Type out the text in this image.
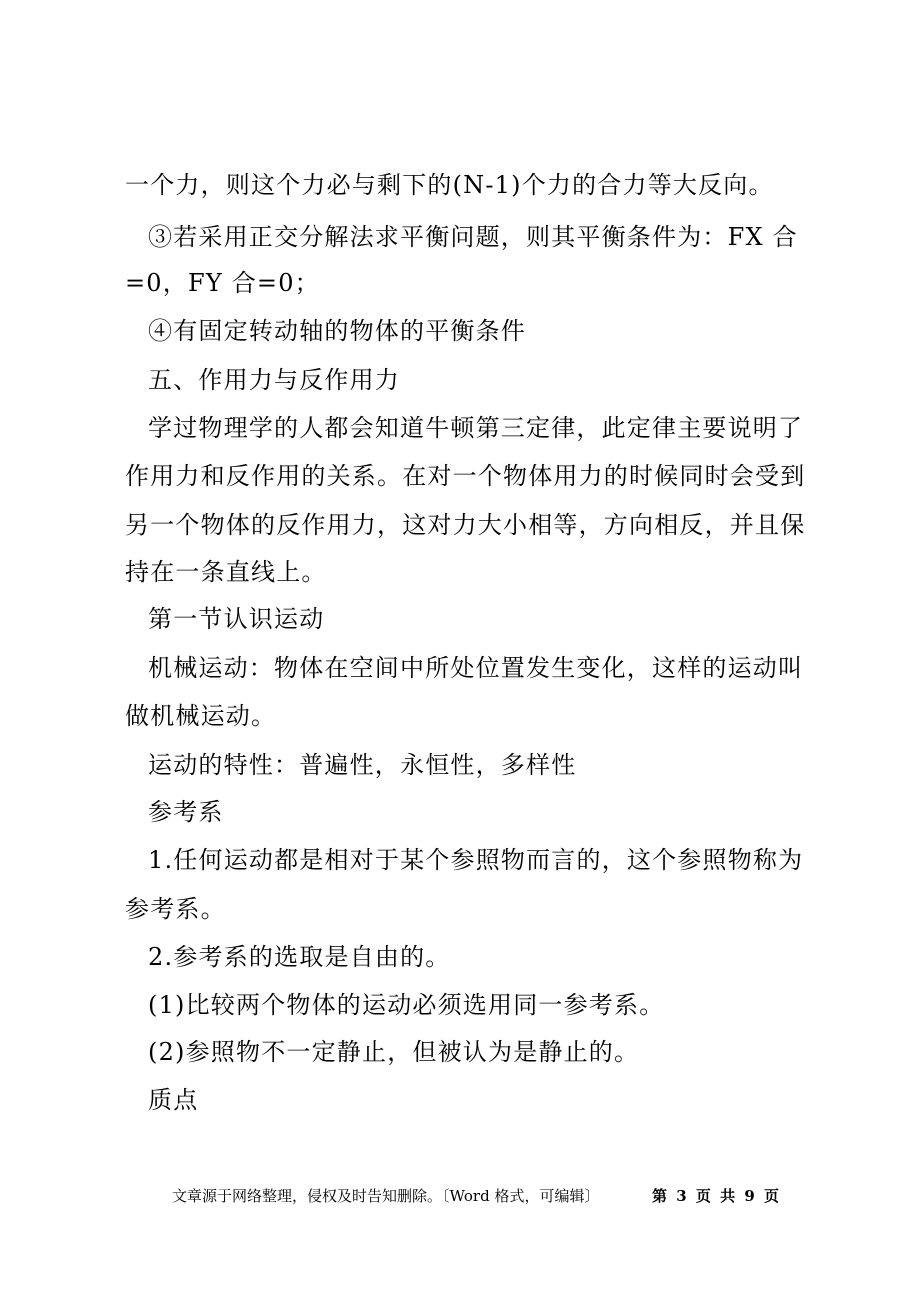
一个力，则这个力必与剩下的(N-1)个力的合力等大反向。
③若采用正交分解法求平衡问题，则其平衡条件为：FX 合
=0，FY 合=0；
④有固定转动轴的物体的平衡条件
五、作用力与反作用力
学过物理学的人都会知道牛顿第三定律，此定律主要说明了
作用力和反作用的关系。在对一个物体用力的时候同时会受到
另一个物体的反作用力，这对力大小相等，方向相反，并且保
持在一条直线上。
第一节认识运动
机械运动：物体在空间中所处位置发生变化，这样的运动叫
做机械运动。
运动的特性：普遍性，永恒性，多样性
参考系
1.任何运动都是相对于某个参照物而言的，这个参照物称为
参考系。
2.参考系的选取是自由的。
(1)比较两个物体的运动必须选用同一参考系。
(2)参照物不一定静止，但被认为是静止的。
质点
文章源于网络整理，侵权及时告知删除。〔Word 格式，可编辑〕	第 3 页 共 9 页
